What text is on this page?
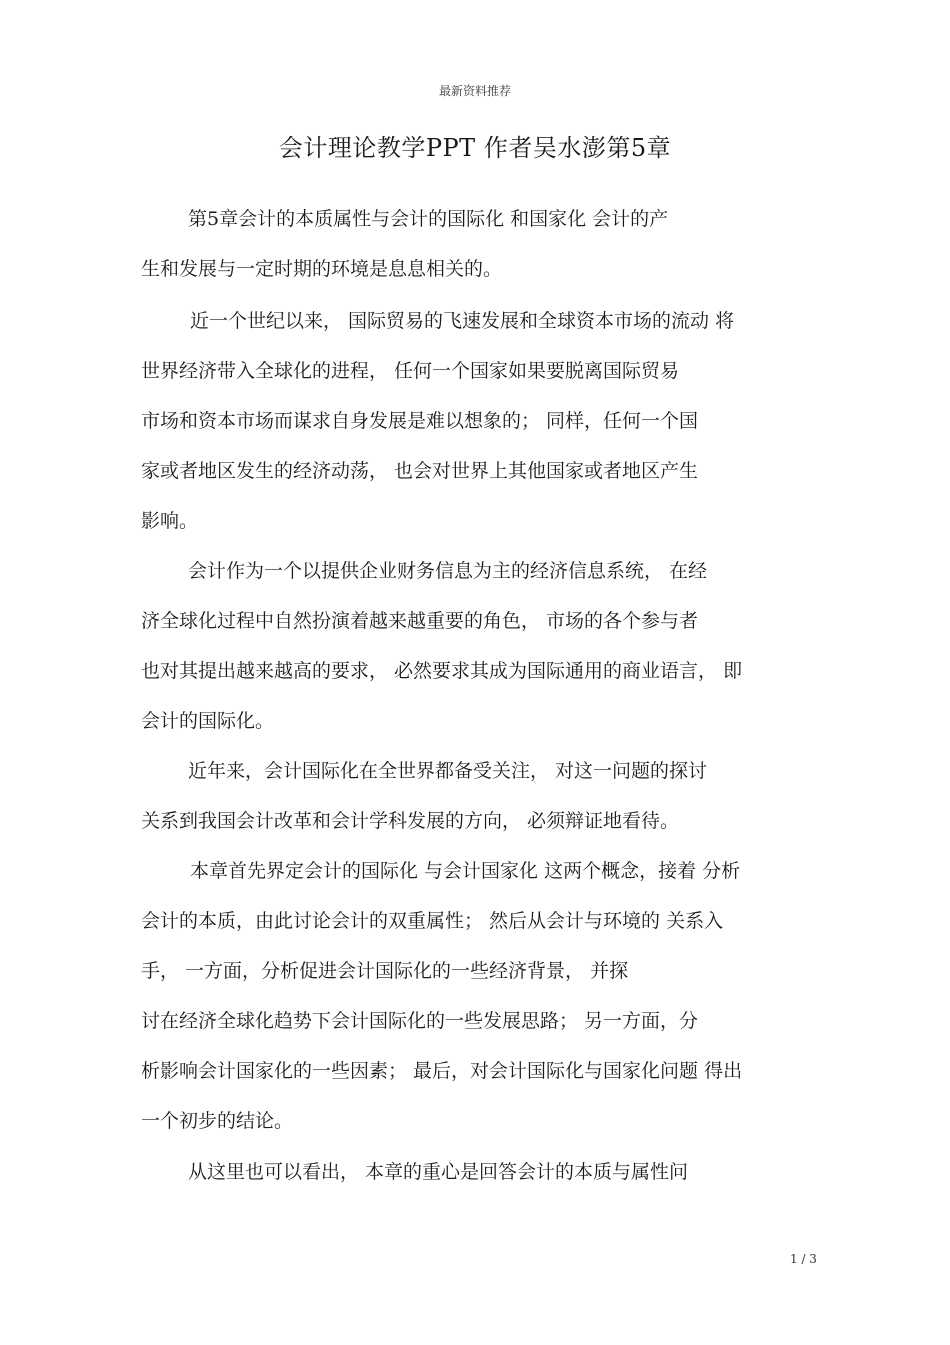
最新资料推荐
会计理论教学PPT 作者吴水澎第5章
第5章会计的本质属性与会计的国际化 和国家化 会计的产
生和发展与一定时期的环境是息息相关的。
近一个世纪以来， 国际贸易的飞速发展和全球资本市场的流动 将
世界经济带入全球化的进程， 任何一个国家如果要脱离国际贸易
市场和资本市场而谋求自身发展是难以想象的； 同样，任何一个国
家或者地区发生的经济动荡， 也会对世界上其他国家或者地区产生
影响。
会计作为一个以提供企业财务信息为主的经济信息系统， 在经
济全球化过程中自然扮演着越来越重要的角色， 市场的各个参与者
也对其提出越来越高的要求， 必然要求其成为国际通用的商业语言， 即
会计的国际化。
近年来，会计国际化在全世界都备受关注， 对这一问题的探讨
关系到我国会计改革和会计学科发展的方向， 必须辩证地看待。
本章首先界定会计的国际化 与会计国家化 这两个概念，接着 分析
会计的本质，由此讨论会计的双重属性； 然后从会计与环境的 关系入
手， 一方面，分析促进会计国际化的一些经济背景， 并探
讨在经济全球化趋势下会计国际化的一些发展思路； 另一方面，分
析影响会计国家化的一些因素； 最后，对会计国际化与国家化问题 得出
一个初步的结论。
从这里也可以看出， 本章的重心是回答会计的本质与属性问
1 / 3
